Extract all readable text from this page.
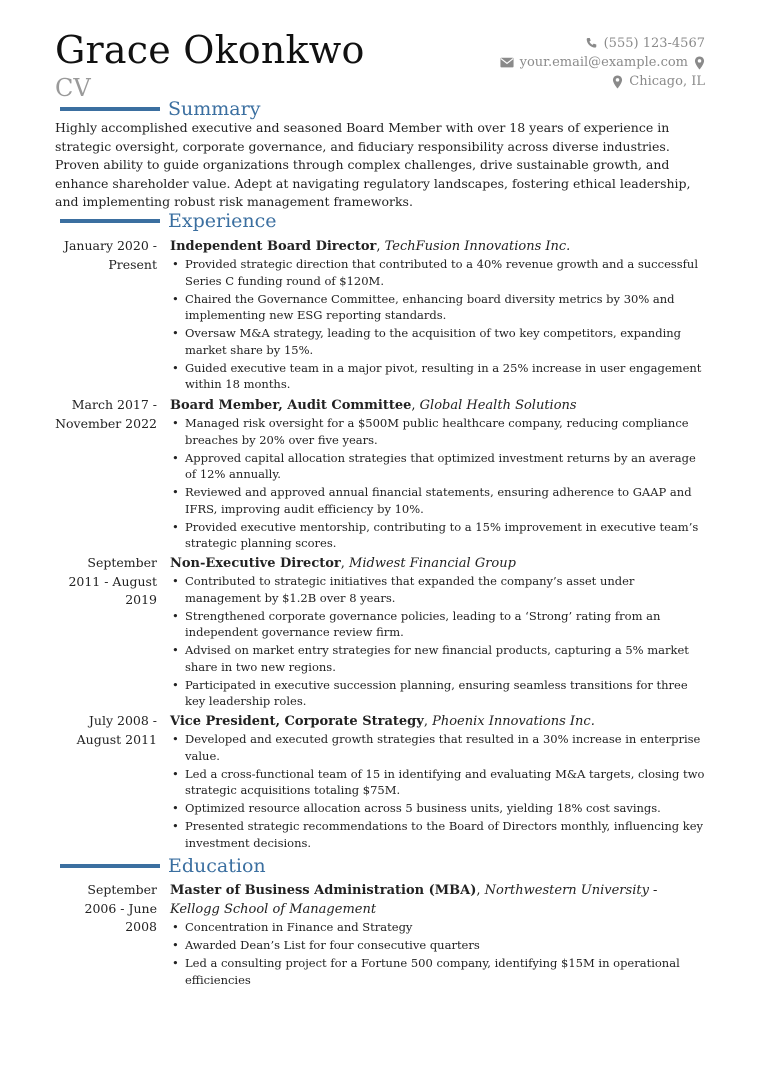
Grace Okonkwo
CV
(555) 123-4567
your.email@example.com
Chicago, IL
Summary
Highly accomplished executive and seasoned Board Member with over 18 years of experience in strategic oversight, corporate governance, and fiduciary responsibility across diverse industries. Proven ability to guide organizations through complex challenges, drive sustainable growth, and enhance shareholder value. Adept at navigating regulatory landscapes, fostering ethical leadership, and implementing robust risk management frameworks.
Experience
January 2020 - Present
Independent Board Director, TechFusion Innovations Inc.
• Provided strategic direction that contributed to a 40% revenue growth and a successful Series C funding round of $120M.
• Chaired the Governance Committee, enhancing board diversity metrics by 30% and implementing new ESG reporting standards.
• Oversaw M&A strategy, leading to the acquisition of two key competitors, expanding market share by 15%.
• Guided executive team in a major pivot, resulting in a 25% increase in user engagement within 18 months.
March 2017 - November 2022
Board Member, Audit Committee, Global Health Solutions
• Managed risk oversight for a $500M public healthcare company, reducing compliance breaches by 20% over five years.
• Approved capital allocation strategies that optimized investment returns by an average of 12% annually.
• Reviewed and approved annual financial statements, ensuring adherence to GAAP and IFRS, improving audit efficiency by 10%.
• Provided executive mentorship, contributing to a 15% improvement in executive team’s strategic planning scores.
September 2011 - August 2019
Non-Executive Director, Midwest Financial Group
• Contributed to strategic initiatives that expanded the company’s asset under management by $1.2B over 8 years.
• Strengthened corporate governance policies, leading to a ‘Strong’ rating from an independent governance review firm.
• Advised on market entry strategies for new financial products, capturing a 5% market share in two new regions.
• Participated in executive succession planning, ensuring seamless transitions for three key leadership roles.
July 2008 - August 2011
Vice President, Corporate Strategy, Phoenix Innovations Inc.
• Developed and executed growth strategies that resulted in a 30% increase in enterprise value.
• Led a cross-functional team of 15 in identifying and evaluating M&A targets, closing two strategic acquisitions totaling $75M.
• Optimized resource allocation across 5 business units, yielding 18% cost savings.
• Presented strategic recommendations to the Board of Directors monthly, influencing key investment decisions.
Education
September 2006 - June 2008
Master of Business Administration (MBA), Northwestern University - Kellogg School of Management
• Concentration in Finance and Strategy
• Awarded Dean’s List for four consecutive quarters
• Led a consulting project for a Fortune 500 company, identifying $15M in operational efficiencies
